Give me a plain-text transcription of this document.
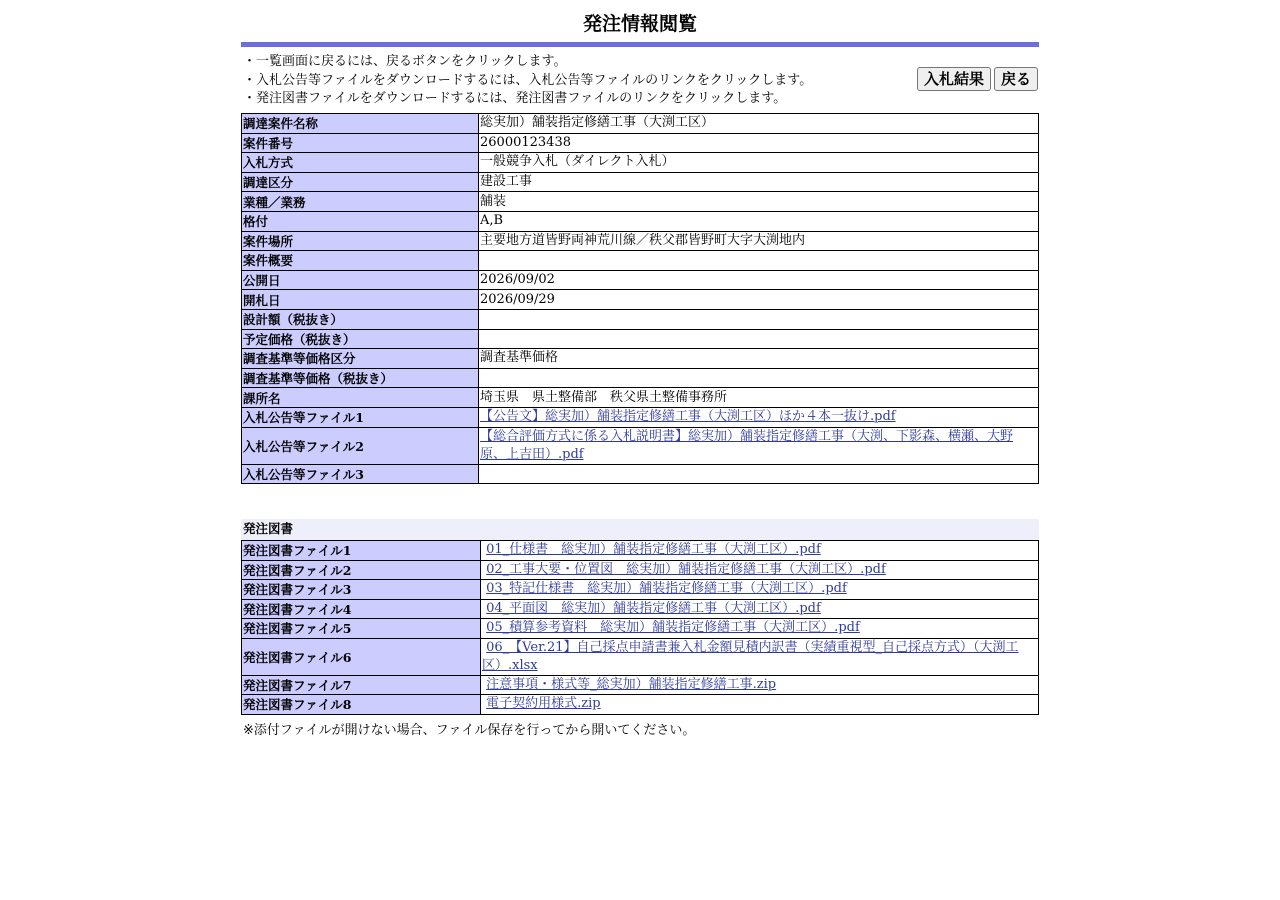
発注情報閲覧
・一覧画面に戻るには、戻るボタンをクリックします。
・入札公告等ファイルをダウンロードするには、入札公告等ファイルのリンクをクリックします。
・発注図書ファイルをダウンロードするには、発注図書ファイルのリンクをクリックします。
入札結果	戻る
調達案件名称	総実加）舗装指定修繕工事（大渕工区）
案件番号	26000123438
入札方式	一般競争入札（ダイレクト入札）
調達区分	建設工事
業種／業務	舗装
格付	A,B
案件場所	主要地方道皆野両神荒川線／秩父郡皆野町大字大渕地内
案件概要	
公開日	2026/09/02
開札日	2026/09/29
設計額（税抜き）	
予定価格（税抜き）	
調査基準等価格区分	調査基準価格
調査基準等価格（税抜き）	
課所名	埼玉県　県土整備部　秩父県土整備事務所
入札公告等ファイル1	【公告文】総実加）舗装指定修繕工事（大渕工区）ほか４本一抜け.pdf
入札公告等ファイル2	【総合評価方式に係る入札説明書】総実加）舗装指定修繕工事（大渕、下影森、横瀬、大野原、上吉田）.pdf
入札公告等ファイル3	
発注図書
発注図書ファイル1	01_仕様書　総実加）舗装指定修繕工事（大渕工区）.pdf
発注図書ファイル2	02_工事大要・位置図　総実加）舗装指定修繕工事（大渕工区）.pdf
発注図書ファイル3	03_特記仕様書　総実加）舗装指定修繕工事（大渕工区）.pdf
発注図書ファイル4	04_平面図　総実加）舗装指定修繕工事（大渕工区）.pdf
発注図書ファイル5	05_積算参考資料　総実加）舗装指定修繕工事（大渕工区）.pdf
発注図書ファイル6	06_【Ver.21】自己採点申請書兼入札金額見積内訳書（実績重視型_自己採点方式）（大渕工区）.xlsx
発注図書ファイル7	注意事項・様式等_総実加）舗装指定修繕工事.zip
発注図書ファイル8	電子契約用様式.zip
※添付ファイルが開けない場合、ファイル保存を行ってから開いてください。
